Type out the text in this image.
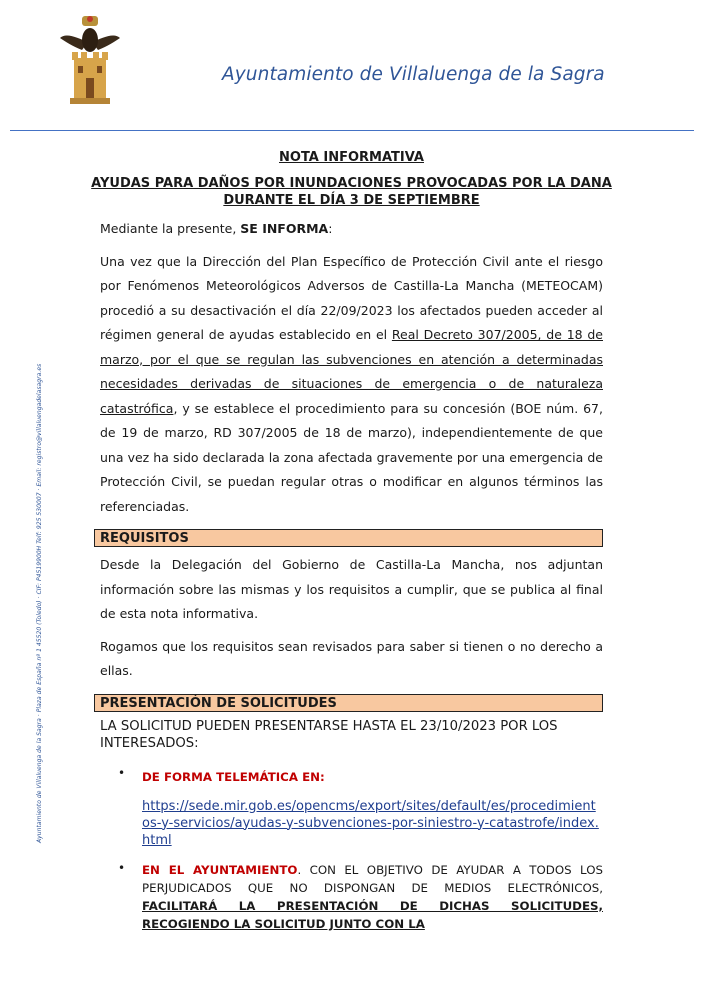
Ayuntamiento de Villaluenga de la Sagra
Ayuntamiento de Villaluenga de la Sagra · Plaza de España nº 1 45520 (Toledo) · CIF: P4519900H Telf: 925 530007 · Email: registro@villaluengadelasagra.es
NOTA INFORMATIVA
AYUDAS PARA DAÑOS POR INUNDACIONES PROVOCADAS POR LA DANA DURANTE EL DÍA 3 DE SEPTIEMBRE

Mediante la presente, SE INFORMA:

Una vez que la Dirección del Plan Específico de Protección Civil ante el riesgo por Fenómenos Meteorológicos Adversos de Castilla-La Mancha (METEOCAM) procedió a su desactivación el día 22/09/2023 los afectados pueden acceder al régimen general de ayudas establecido en el Real Decreto 307/2005, de 18 de marzo, por el que se regulan las subvenciones en atención a determinadas necesidades derivadas de situaciones de emergencia o de naturaleza catastrófica, y se establece el procedimiento para su concesión (BOE núm. 67, de 19 de marzo, RD 307/2005 de 18 de marzo), independientemente de que una vez ha sido declarada la zona afectada gravemente por una emergencia de Protección Civil, se puedan regular otras o modificar en algunos términos las referenciadas.

REQUISITOS

Desde la Delegación del Gobierno de Castilla-La Mancha, nos adjuntan información sobre las mismas y los requisitos a cumplir, que se publica al final de esta nota informativa.

Rogamos que los requisitos sean revisados para saber si tienen o no derecho a ellas.

PRESENTACIÓN DE SOLICITUDES

LA SOLICITUD PUEDEN PRESENTARSE HASTA EL 23/10/2023 POR LOS INTERESADOS:

• DE FORMA TELEMÁTICA EN:
https://sede.mir.gob.es/opencms/export/sites/default/es/procedimientos-y-servicios/ayudas-y-subvenciones-por-siniestro-y-catastrofe/index.html
• EN EL AYUNTAMIENTO. CON EL OBJETIVO DE AYUDAR A TODOS LOS PERJUDICADOS QUE NO DISPONGAN DE MEDIOS ELECTRÓNICOS, FACILITARÁ LA PRESENTACIÓN DE DICHAS SOLICITUDES, RECOGIENDO LA SOLICITUD JUNTO CON LA
